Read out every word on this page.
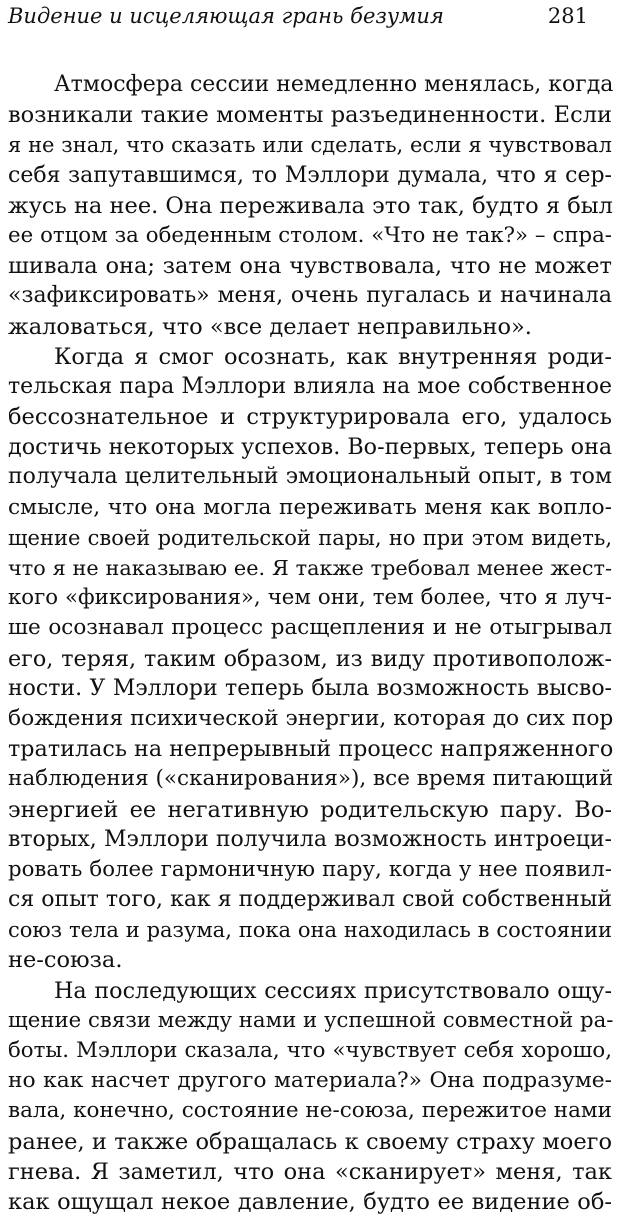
Видение и исцеляющая грань безумия	281
Атмосфера сессии немедленно менялась, когда
возникали такие моменты разъединенности. Если
я не знал, что сказать или сделать, если я чувствовал
себя запутавшимся, то Мэллори думала, что я сер-
жусь на нее. Она переживала это так, будто я был
ее отцом за обеденным столом. «Что не так?» – спра-
шивала она; затем она чувствовала, что не может
«зафиксировать» меня, очень пугалась и начинала
жаловаться, что «все делает неправильно».
Когда я смог осознать, как внутренняя роди-
тельская пара Мэллори влияла на мое собственное
бессознательное и структурировала его, удалось
достичь некоторых успехов. Во-первых, теперь она
получала целительный эмоциональный опыт, в том
смысле, что она могла переживать меня как вопло-
щение своей родительской пары, но при этом видеть,
что я не наказываю ее. Я также требовал менее жест-
кого «фиксирования», чем они, тем более, что я луч-
ше осознавал процесс расщепления и не отыгрывал
его, теряя, таким образом, из виду противополож-
ности. У Мэллори теперь была возможность высво-
бождения психической энергии, которая до сих пор
тратилась на непрерывный процесс напряженного
наблюдения («сканирования»), все время питающий
энергией ее негативную родительскую пару. Во-
вторых, Мэллори получила возможность интроеци-
ровать более гармоничную пару, когда у нее появил-
ся опыт того, как я поддерживал свой собственный
союз тела и разума, пока она находилась в состоянии
не-союза.
На последующих сессиях присутствовало ощу-
щение связи между нами и успешной совместной ра-
боты. Мэллори сказала, что «чувствует себя хорошо,
но как насчет другого материала?» Она подразуме-
вала, конечно, состояние не-союза, пережитое нами
ранее, и также обращалась к своему страху моего
гнева. Я заметил, что она «сканирует» меня, так
как ощущал некое давление, будто ее видение об-
